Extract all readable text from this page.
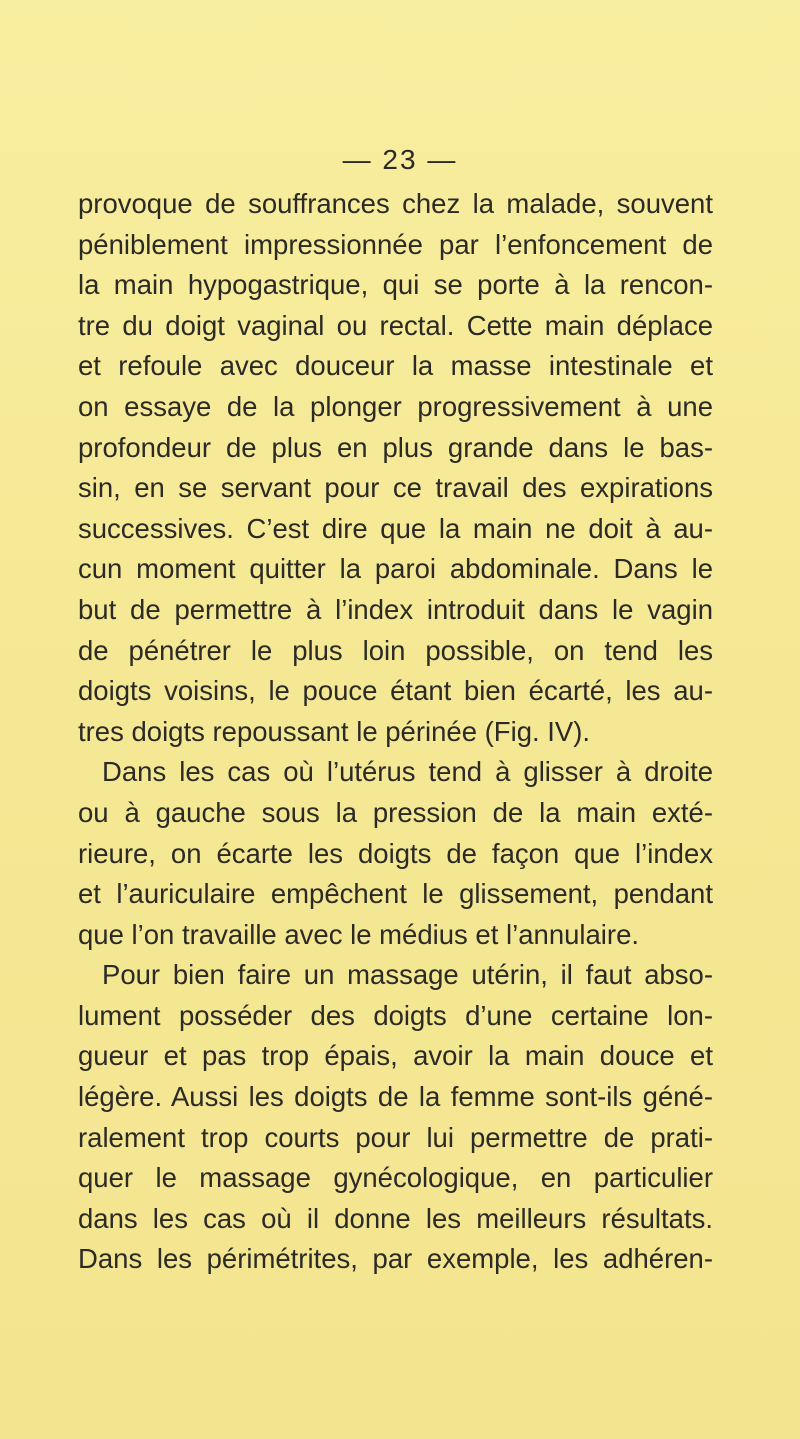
— 23 —
provoque de souffrances chez la malade, souvent
péniblement impressionnée par l’enfoncement de
la main hypogastrique, qui se porte à la rencon-
tre du doigt vaginal ou rectal. Cette main déplace
et refoule avec douceur la masse intestinale et
on essaye de la plonger progressivement à une
profondeur de plus en plus grande dans le bas-
sin, en se servant pour ce travail des expirations
successives. C’est dire que la main ne doit à au-
cun moment quitter la paroi abdominale. Dans le
but de permettre à l’index introduit dans le vagin
de pénétrer le plus loin possible, on tend les
doigts voisins, le pouce étant bien écarté, les au-
tres doigts repoussant le périnée (Fig. IV).
Dans les cas où l’utérus tend à glisser à droite
ou à gauche sous la pression de la main exté-
rieure, on écarte les doigts de façon que l’index
et l’auriculaire empêchent le glissement, pendant
que l’on travaille avec le médius et l’annulaire.
Pour bien faire un massage utérin, il faut abso-
lument posséder des doigts d’une certaine lon-
gueur et pas trop épais, avoir la main douce et
légère. Aussi les doigts de la femme sont-ils géné-
ralement trop courts pour lui permettre de prati-
quer le massage gynécologique, en particulier
dans les cas où il donne les meilleurs résultats.
Dans les périmétrites, par exemple, les adhéren-
